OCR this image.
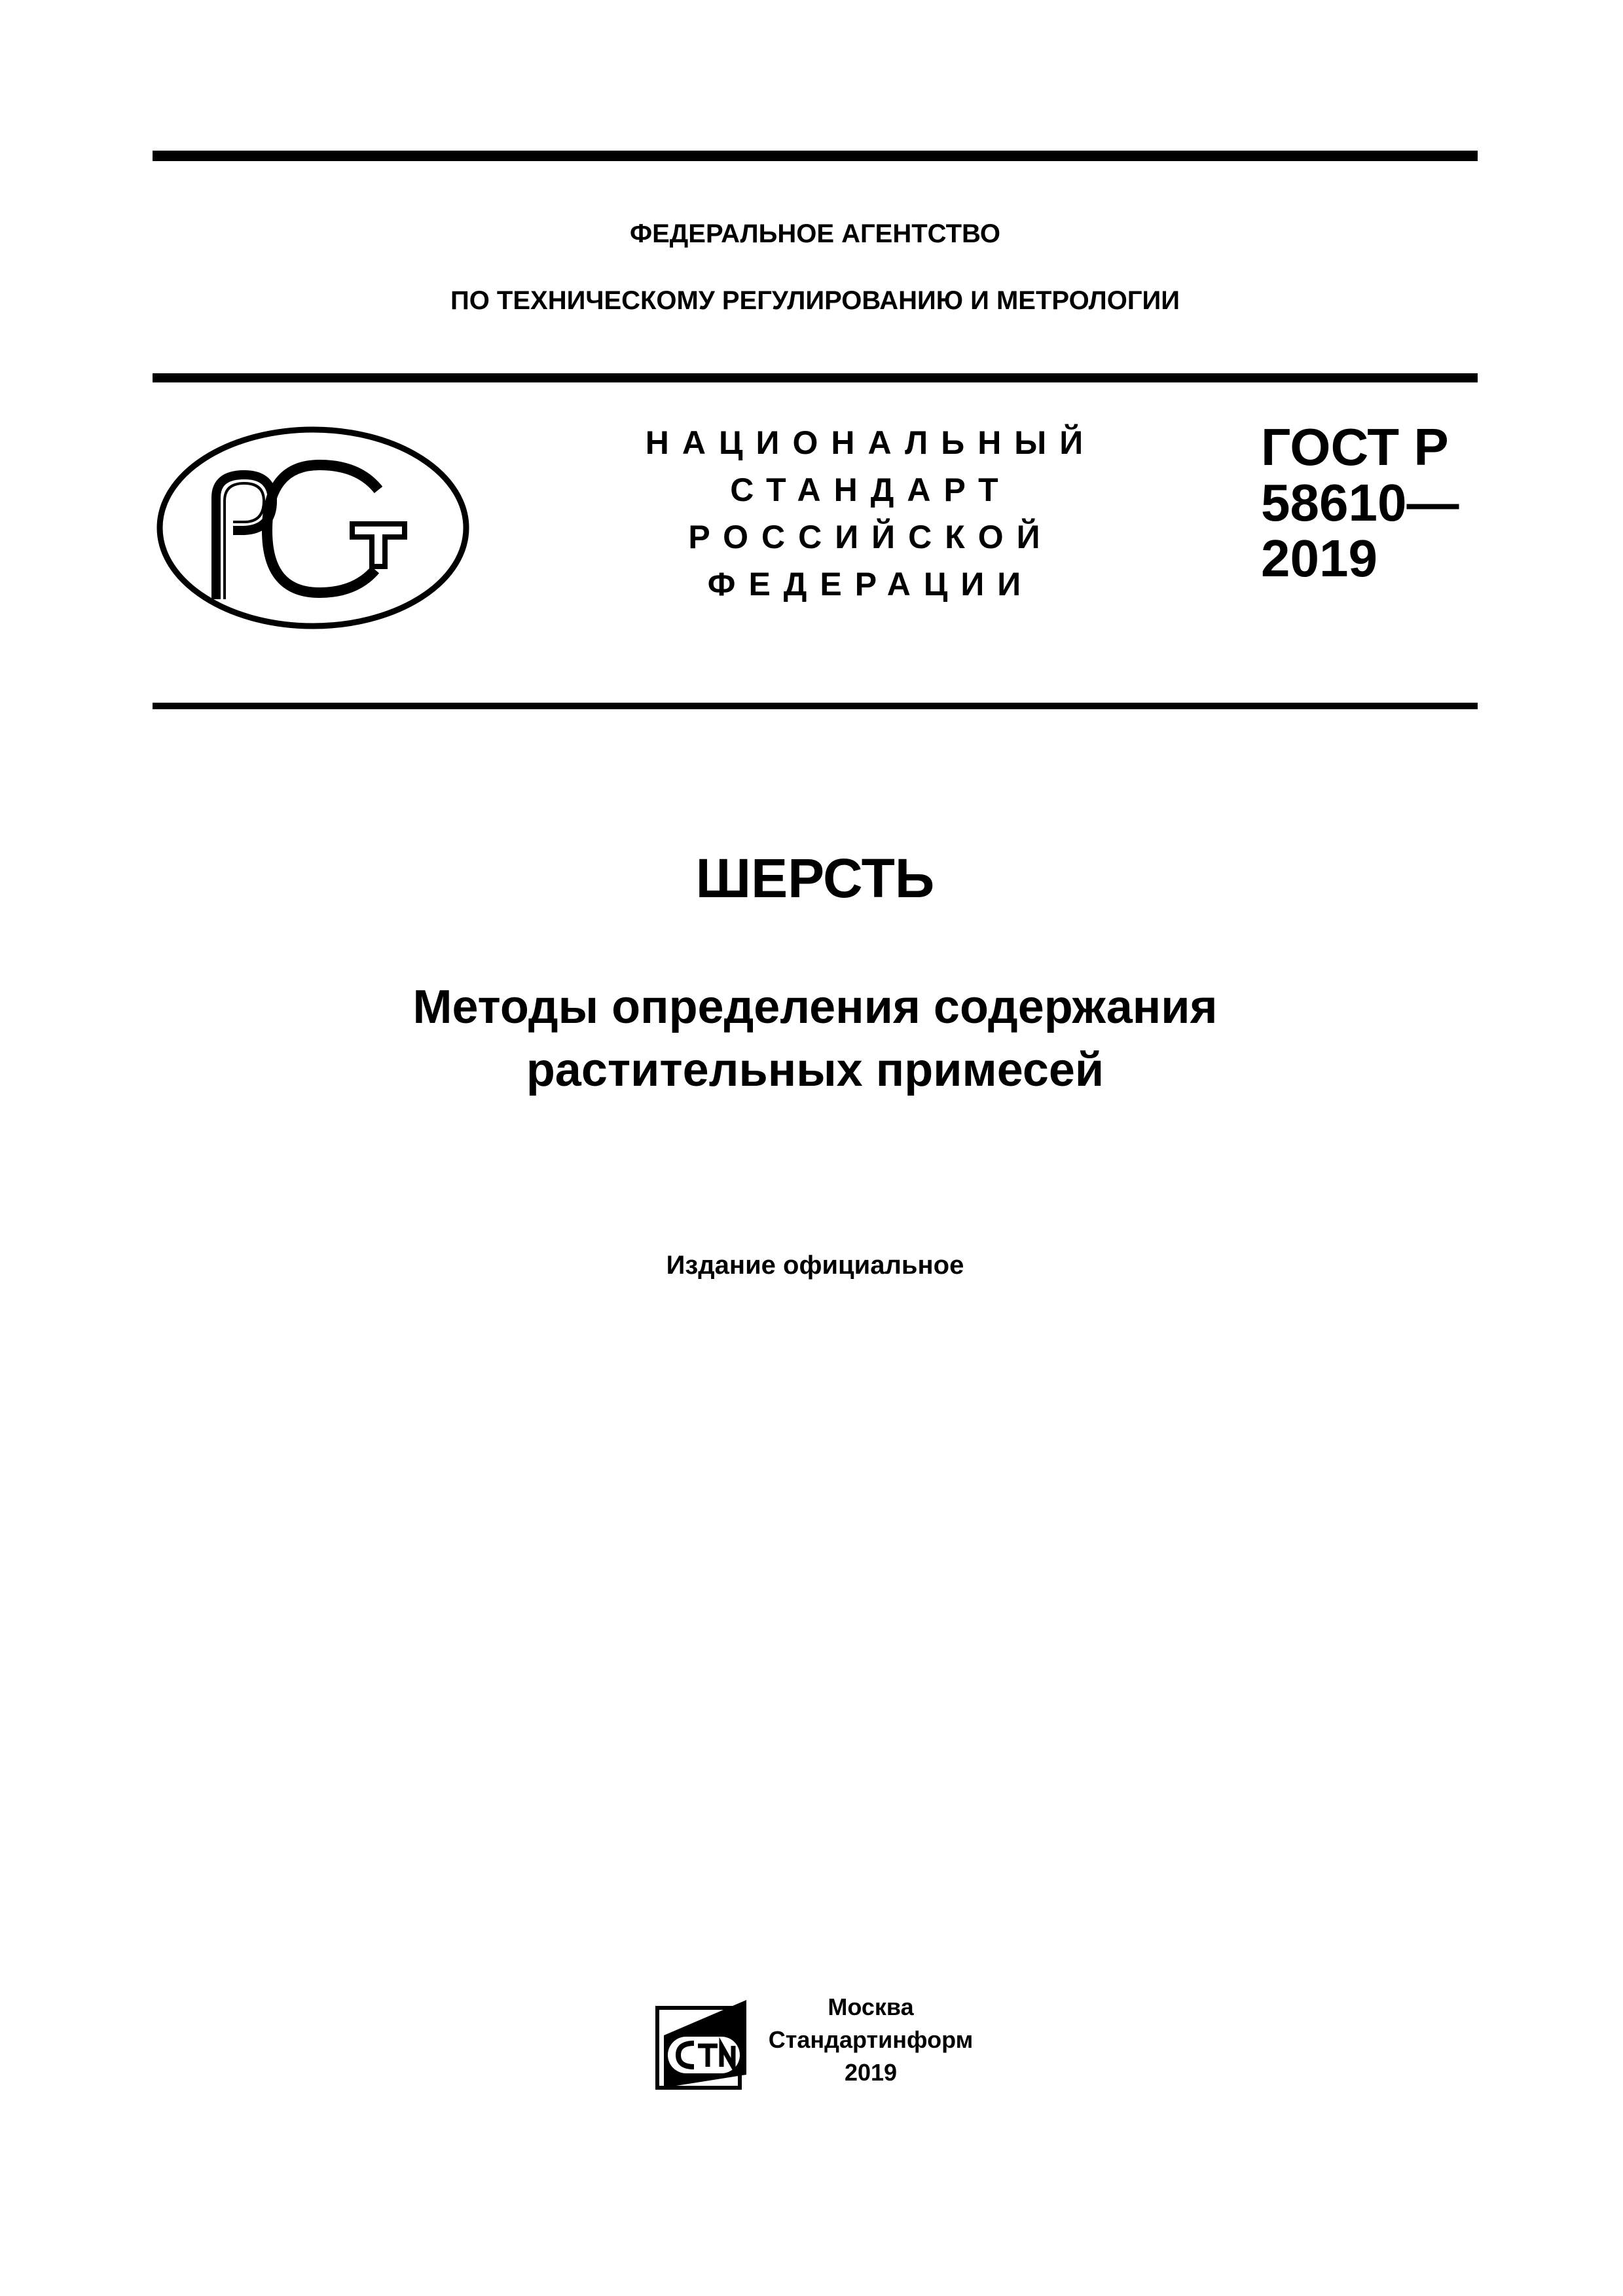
ФЕДЕРАЛЬНОЕ АГЕНТСТВО
ПО ТЕХНИЧЕСКОМУ РЕГУЛИРОВАНИЮ И МЕТРОЛОГИИ
НАЦИОНАЛЬНЫЙ
СТАНДАРТ
РОССИЙСКОЙ
ФЕДЕРАЦИИ
ГОСТ Р
58610—
2019
ШЕРСТЬ
Методы определения содержания
растительных примесей
Издание официальное
Москва
Стандартинформ
2019
